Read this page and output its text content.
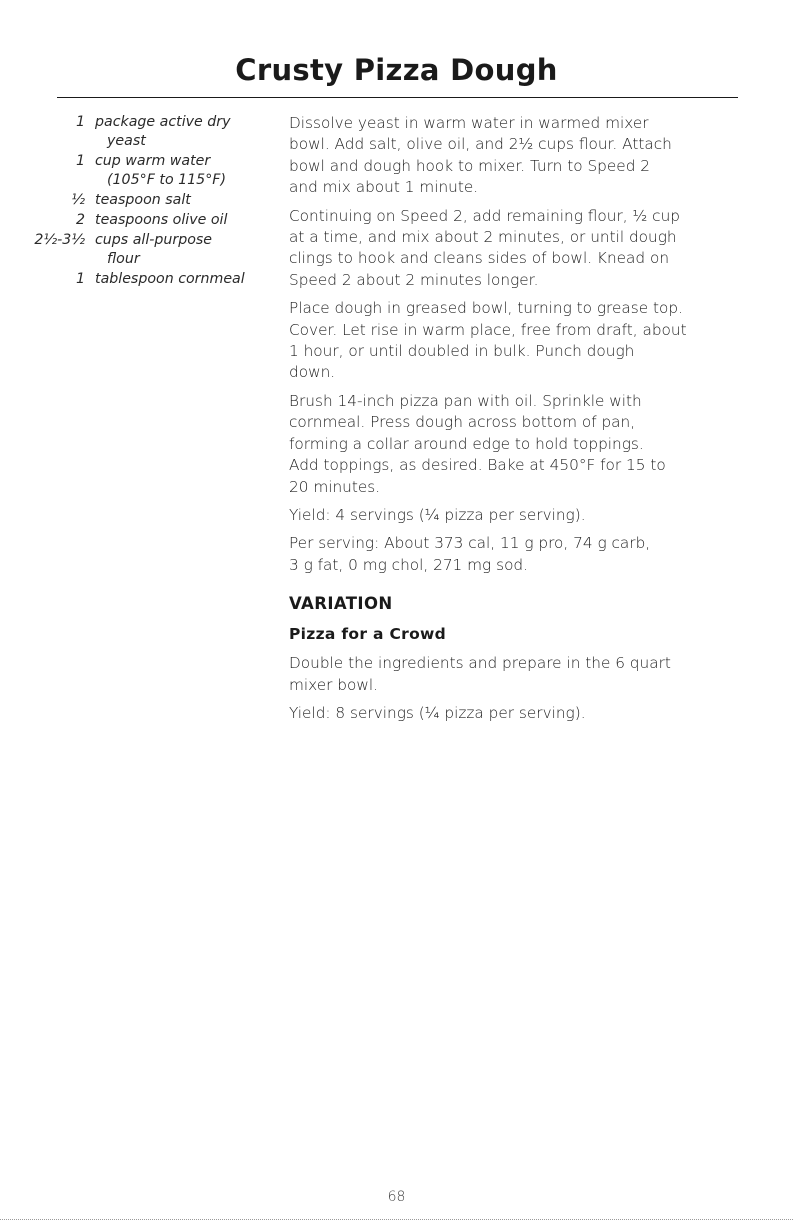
Crusty Pizza Dough
1 package active dry
yeast
1 cup warm water
(105°F to 115°F)
½ teaspoon salt
2 teaspoons olive oil
2½-3½ cups all-purpose
flour
1 tablespoon cornmeal

Dissolve yeast in warm water in warmed mixer
bowl. Add salt, olive oil, and 2½ cups flour. Attach
bowl and dough hook to mixer. Turn to Speed 2
and mix about 1 minute.

Continuing on Speed 2, add remaining flour, ½ cup
at a time, and mix about 2 minutes, or until dough
clings to hook and cleans sides of bowl. Knead on
Speed 2 about 2 minutes longer.

Place dough in greased bowl, turning to grease top.
Cover. Let rise in warm place, free from draft, about
1 hour, or until doubled in bulk. Punch dough
down.

Brush 14-inch pizza pan with oil. Sprinkle with
cornmeal. Press dough across bottom of pan,
forming a collar around edge to hold toppings.
Add toppings, as desired. Bake at 450°F for 15 to
20 minutes.

Yield: 4 servings (¼ pizza per serving).

Per serving: About 373 cal, 11 g pro, 74 g carb,
3 g fat, 0 mg chol, 271 mg sod.

VARIATION
Pizza for a Crowd

Double the ingredients and prepare in the 6 quart
mixer bowl.

Yield: 8 servings (¼ pizza per serving).

68
